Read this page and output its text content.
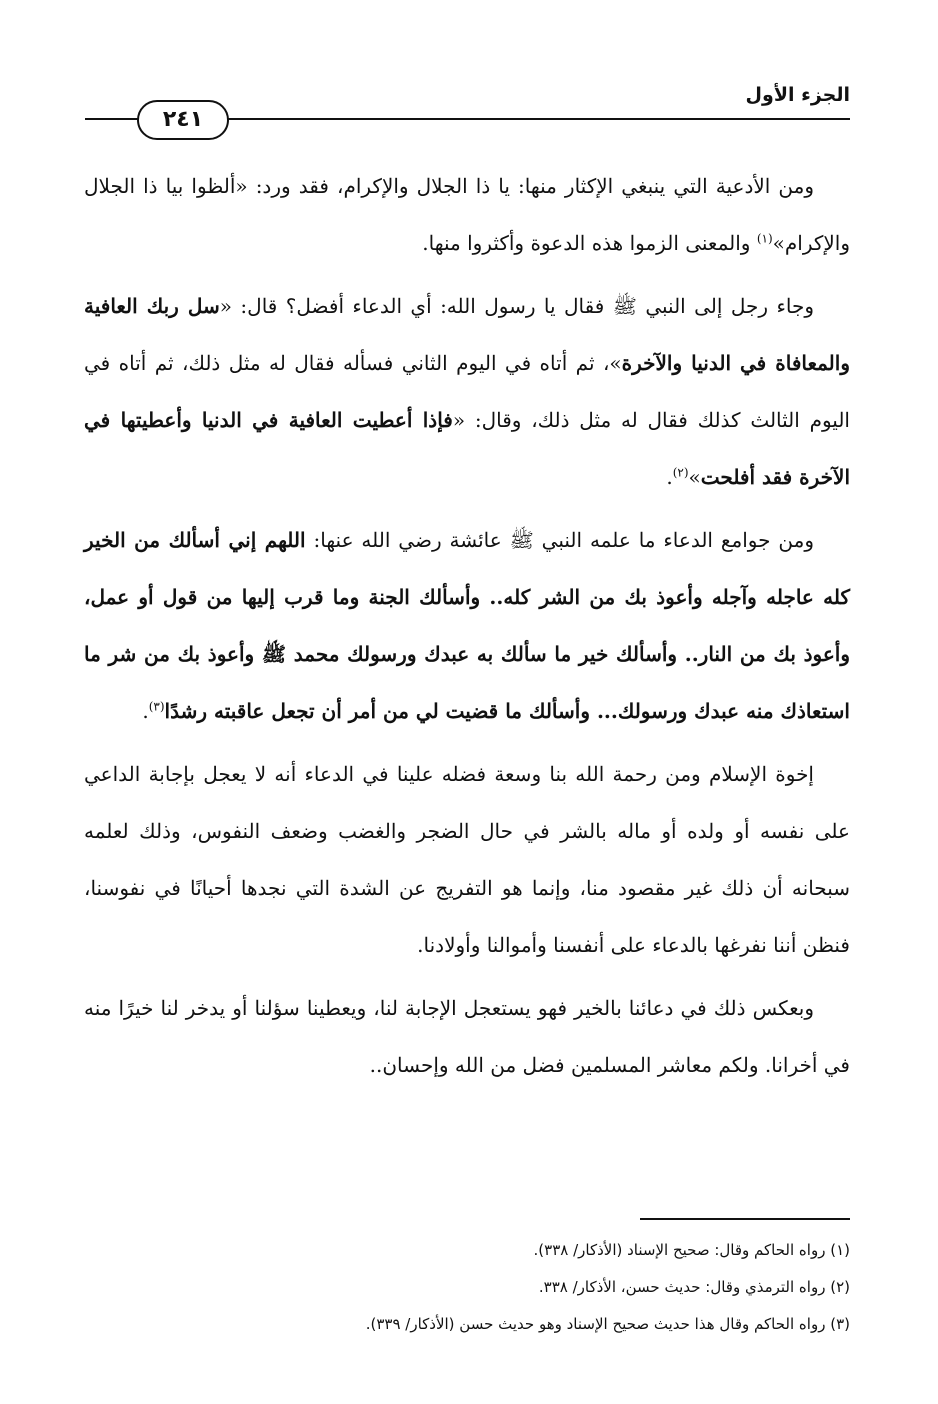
الجزء الأول
٢٤١

ومن الأدعية التي ينبغي الإكثار منها: يا ذا الجلال والإكرام، فقد ورد: «ألظوا بيا ذا الجلال والإكرام»$^{(١)}$ والمعنى الزموا هذه الدعوة وأكثروا منها.

وجاء رجل إلى النبي ﷺ فقال يا رسول الله: أي الدعاء أفضل؟ قال: «سل ربك العافية والمعافاة في الدنيا والآخرة»، ثم أتاه في اليوم الثاني فسأله فقال له مثل ذلك، ثم أتاه في اليوم الثالث كذلك فقال له مثل ذلك، وقال: «فإذا أعطيت العافية في الدنيا وأعطيتها في الآخرة فقد أفلحت»$^{(٢)}$.

ومن جوامع الدعاء ما علمه النبي ﷺ عائشة رضي الله عنها: اللهم إني أسألك من الخير كله عاجله وآجله وأعوذ بك من الشر كله.. وأسألك الجنة وما قرب إليها من قول أو عمل، وأعوذ بك من النار.. وأسألك خير ما سألك به عبدك ورسولك محمد ﷺ وأعوذ بك من شر ما استعاذك منه عبدك ورسولك... وأسألك ما قضيت لي من أمر أن تجعل عاقبته رشدًا$^{(٣)}$.

إخوة الإسلام ومن رحمة الله بنا وسعة فضله علينا في الدعاء أنه لا يعجل بإجابة الداعي على نفسه أو ولده أو ماله بالشر في حال الضجر والغضب وضعف النفوس، وذلك لعلمه سبحانه أن ذلك غير مقصود منا، وإنما هو التفريج عن الشدة التي نجدها أحيانًا في نفوسنا، فنظن أننا نفرغها بالدعاء على أنفسنا وأموالنا وأولادنا.

وبعكس ذلك في دعائنا بالخير فهو يستعجل الإجابة لنا، ويعطينا سؤلنا أو يدخر لنا خيرًا منه في أخرانا. ولكم معاشر المسلمين فضل من الله وإحسان..

(١) رواه الحاكم وقال: صحيح الإسناد (الأذكار/ ٣٣٨).

(٢) رواه الترمذي وقال: حديث حسن، الأذكار/ ٣٣٨.

(٣) رواه الحاكم وقال هذا حديث صحيح الإسناد وهو حديث حسن (الأذكار/ ٣٣٩).
